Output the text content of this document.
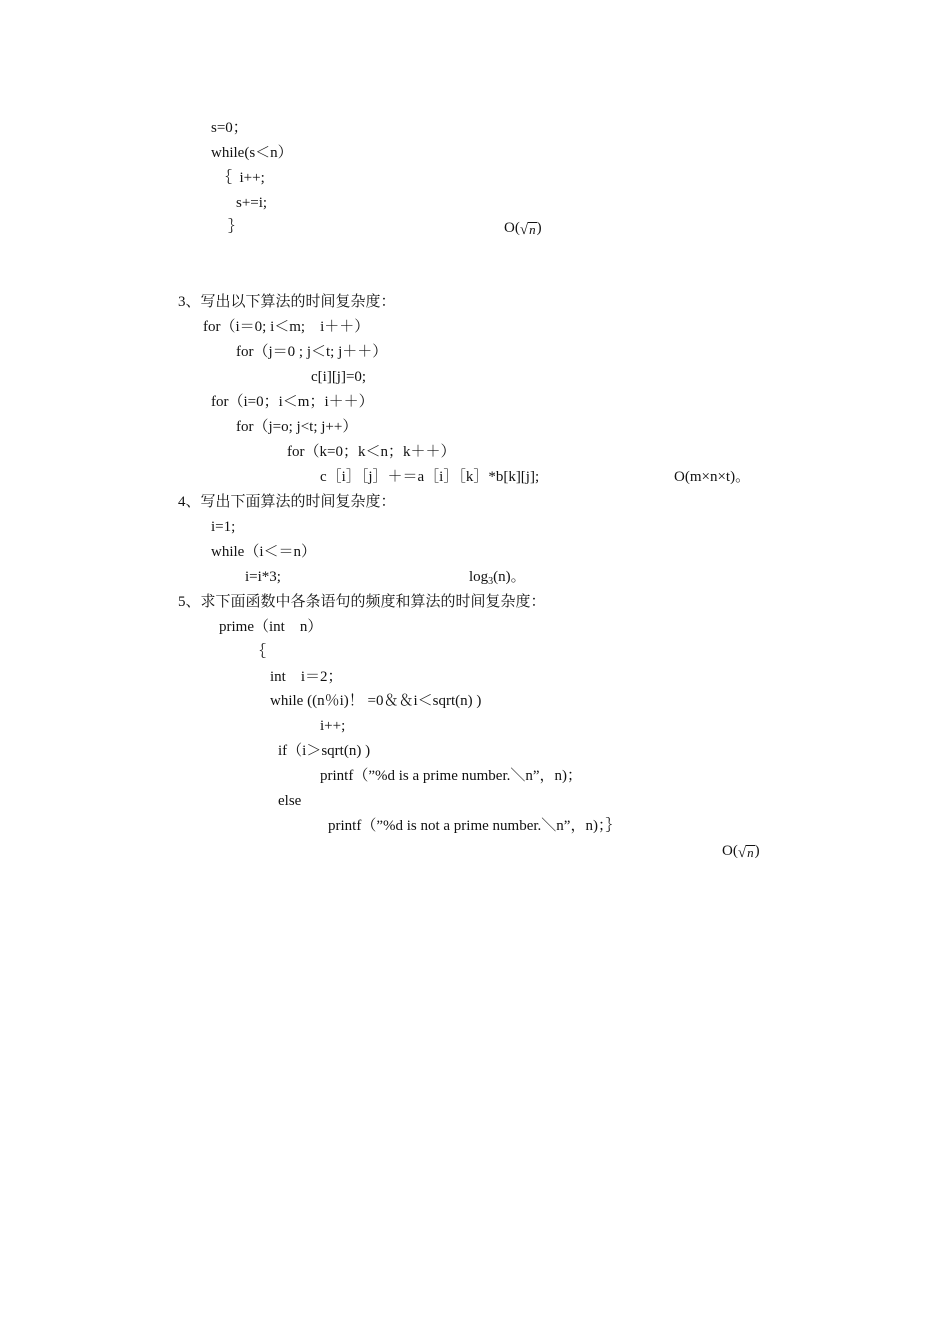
s=0；
while(s＜n）
｛  i++;
s+=i;
｝	O(√n)
3、写出以下算法的时间复杂度：
for（i＝0; i＜m;    i＋＋）
for（j＝0 ; j＜t; j＋＋）
c[i][j]=0;
for（i=0；i＜m；i＋＋）
for（j=o; j<t; j++）
for（k=0；k＜n；k＋＋）
c［i］［j］＋＝a［i］［k］*b[k][j];	O(m×n×t)。
4、写出下面算法的时间复杂度：
i=1;
while（i＜＝n）
i=i*3;	$\log_3(n)$。
5、求下面函数中各条语句的频度和算法的时间复杂度：
prime（int    n）
｛
int    i＝2；
while ((n％i)！ =0＆＆i＜sqrt(n) )
i++;
if（i＞sqrt(n) )
printf（”%d is a prime number.＼n”，n)；
else
printf（”%d is not a prime number.＼n”，n)；｝
O(√n)
